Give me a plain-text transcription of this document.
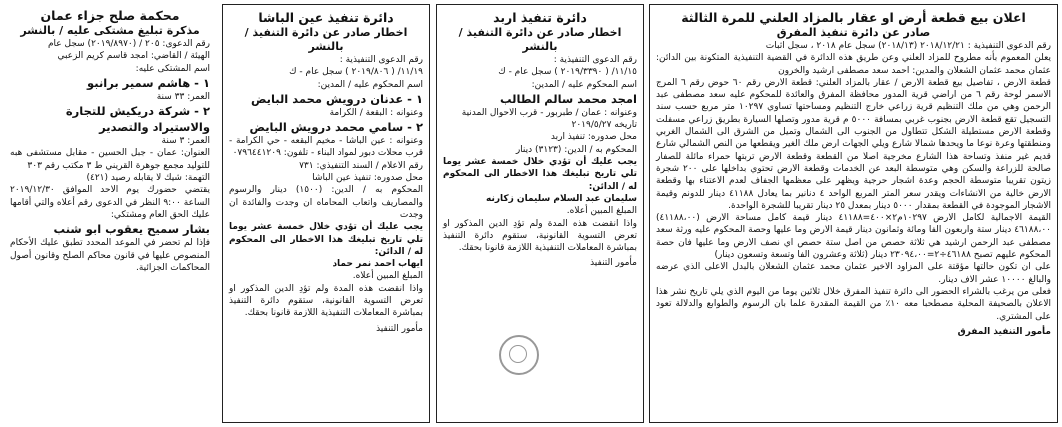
اعلان بيع قطعة أرض او عقار بالمزاد العلني للمرة الثالثة
صادر عن دائرة تنفيذ المفرق

رقم الدعوى التنفيذية : ٢٠١٨/١٢/٢١ (٢٠١٨/١٣) سجل عام ٢٠١٨ ، سجل اثبات

يعلن المعموم بأنه مطروح للمزاد العلني وعن طريق هذه الدائرة في القضية التنفيذية المتكونة بين الدائن: عثمان محمد عثمان الشعلان والمدين: احمد سعد مصطفى ارشيد والخرون

قطعة الارض ، تفاصيل بيع قطعة الارض / عقار بالمزاد العلني: قطعة الارض رقم ٦٠ حوض رقم ٦ المرج الاسمر لوحة رقم ٦ من اراضي قرية المدور محافظة المفرق والعائدة للمحكوم عليه سعد مصطفى عبد الرحمن وهي من ملك التنظيم قرية زراعي خارج التنظيم ومساحتها تساوي ١٠٢٩٧ متر مربع حسب سند التسجيل تقع قطعة الارض بجنوب غربي بمسافة ٥٠٠٠ م قرية مدور وتصلها السيارة بطريق زراعي مسفلت وقطعة الارض مستطيلة الشكل تتطاول من الجنوب الى الشمال وتميل من الشرق الى الشمال الغربي ومنطقتها وعرة نوعا ما ويحدها شمالا شارع ويلي الجهات ارض ملك الغير ويقطعها من النص الشمالي شارع قديم غير منفذ وتساحة هذا الشارع مخرجية اصلا من القطعة وقطعة الارض تربتها حمراء مائلة للصفار صالحة للزراعة والسكن وهي متوسطة البعد عن الخدمات وقطعة الارض تحتوي بداخلها على ٢٠٠ شجرة زيتون تقريبا متوسطة الحجم وعدة اشجار حرجية ويظهر على معظمها الجفاف لعدم الاعتناء بها وقطعة الارض خالية من الانشاءات ويقدر سعر المتر المربع الواحد ٤ دنانير بما يعادل ٤١١٨٨ دينار للدونم وقيمة الاشجار الموجودة في القطعة بمقدار ٥٠٠٠ دينار بمعدل ٢٥ دينار تقريبا للشجرة الواحدة.

القيمة الاجمالية لكامل الارض ١٠٢٩٧م٢×٤٠٠=٤١١٨٨ دينار قيمة كامل مساحة الارض (٤١١٨٨،٠٠) ٤٦١٨٨،٠٠ دينار ستة واربعون الفا ومائة وثمانون دينار قيمة الارض وما عليها وحصة المحكوم عليه ورثة سعد مصطفى عبد الرحمن ارشيد هي ثلاثة حصص من اصل ستة حصص اي نصف الارض وما عليها فان حصة المحكوم عليهم تصبح ٤٦١٨٨÷٢=٢٣٠٩٤،٠٠ دينار (ثلاثة وعشرون الفا وتسعة وتسعون دينار)

على ان تكون حالتها مؤقتة على المزاود الاخير عثمان محمد عثمان الشعلان بالبدل الاعلى الذي عرضه والبالغ ١٠٠٠٠ عشر الاف دينار.

فعلى من يرغب بالشراء الحضور الى دائرة تنفيذ المفرق خلال ثلاثين يوما من اليوم الذي يلي تاريخ نشر هذا الاعلان بالصحيفة المحلية مصطحبا معه ١٠٪ من القيمة المقدرة علما بان الرسوم والطوابع والدلالة تعود على المشتري.

مأمور التنفيذ المفرق
دائرة تنفيذ اربد
اخطار صادر عن دائرة التنفيذ / بالنشر

رقم الدعوى التنفيذية :

١١/١٥/ ( ٢٠١٩/٣٣٩٠ ) سجل عام - ك

اسم المحكوم عليه / المدين:

امجد محمد سالم الطالب

وعنوانه : عمان / طبربور - قرب الاحوال المدنية

تاريخه ٢٠١٩/٥/٢٧

محل صدوره: تنفيذ اربد

المحكوم به / الدين: (٣١٢٣) دينار

يجب عليك أن تؤدي خلال خمسة عشر يوما تلي تاريخ تبليغك هذا الاخطار الى المحكوم له / الدائن:

سليمان عبد السلام سليمان زكارنه

المبلغ المبين أعلاه.

واذا انقضت هذه المدة ولم تؤدِ الدين المذكور او تعرض التسوية القانونية، ستقوم دائرة التنفيذ بمباشرة المعاملات التنفيذية اللازمة قانونا بحقك.

مأمور التنفيذ
دائرة تنفيذ عين الباشا
اخطار صادر عن دائرة التنفيذ / بالنشر

رقم الدعوى التنفيذية :

١١/١٩/ ( ٢٠١٩/٨٠٦ ) سجل عام - ك

اسم المحكوم عليه / المدين:

١ - عدنان درويش محمد البايض

وعنوانه : البقعة / الكرامة

٢ - سامي محمد درويش البايض

وعنوانه : عين الباشا - مخيم البقعه - حي الكرامة - قرب محلات دبور لمواد البناء - تلفون: ٠٧٩٦٤٤١٢٠٩

رقم الاعلام / السند التنفيذي: ٧٣١

محل صدوره: تنفيذ عين الباشا

المحكوم به / الدين: (١٥٠٠) دينار والرسوم والمصاريف واتعاب المحاماه ان وجدت والفائدة ان وجدت

يجب عليك أن تؤدي خلال خمسة عشر يوما تلي تاريخ تبليغك هذا الاخطار الى المحكوم له / الدائن:

ايهاب احمد نمر حماد

المبلغ المبين أعلاه.

واذا انقضت هذه المدة ولم تؤدِ الدين المذكور او تعرض التسوية القانونية، ستقوم دائرة التنفيذ بمباشرة المعاملات التنفيذية اللازمة قانونا بحقك.

مأمور التنفيذ
محكمة صلح جزاء عمان
مذكرة تبليغ مشتكى عليه / بالنشر

رقم الدعوى: ٢٠٥ / (٢٠١٩/٨٩٧٠) سجل عام

الهيئة / القاضي: امجد قاسم كريم الزعبي

اسم المشتكى عليه:

١ - هاشم سمير برانبو

العمر: ٣٣ سنة

٢ - شركة دريكيش للتجارة والاستيراد والتصدير

العمر: ٣ سنة

العنوان: عمان - جبل الحسين - مقابل مستشفى هبه للتوليد مجمع جوهرة القريني ط ٣ مكتب رقم ٣٠٣

التهمة: شيك لا يقابله رصيد (٤٢١)

يقتضي حضورك يوم الاحد الموافق ٢٠١٩/١٢/٣٠ الساعة ٩:٠٠ النظر في الدعوى رقم أعلاه والتي أقامها عليك الحق العام ومشتكي:

بشار سميح يعقوب ابو شنب

فإذا لم تحضر في الموعد المحدد تطبق عليك الأحكام المنصوص عليها في قانون محاكم الصلح وقانون أصول المحاكمات الجزائية.
